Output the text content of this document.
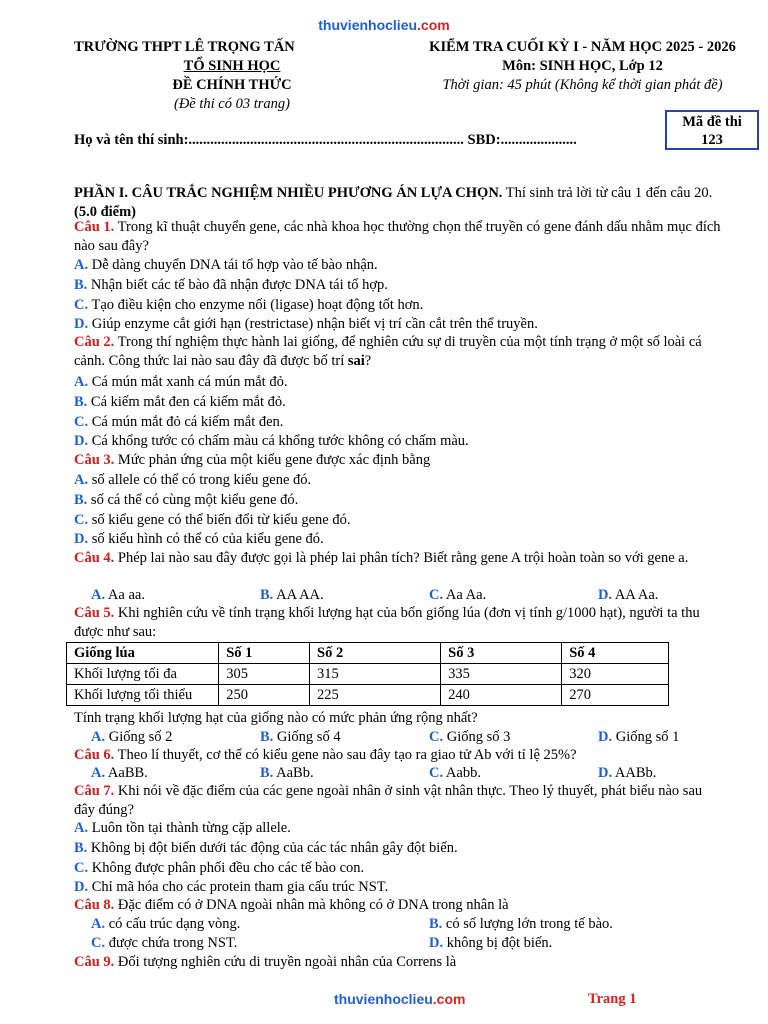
thuvienhoclieu.com
TRƯỜNG THPT LÊ TRỌNG TẤN
TỔ SINH HỌC
ĐỀ CHÍNH THỨC
(Đề thi có 03 trang)
KIỂM TRA CUỐI KỲ I - NĂM HỌC 2025 - 2026
Môn: SINH HỌC, Lớp 12
Thời gian: 45 phút (Không kể thời gian phát đề)
Mã đề thi
123
Họ và tên thí sinh:............................................................................ SBD:.....................
PHẦN I. CÂU TRẮC NGHIỆM NHIỀU PHƯƠNG ÁN LỰA CHỌN. Thí sinh trả lời từ câu 1 đến câu 20. (5.0 điểm)
Câu 1. Trong kĩ thuật chuyển gene, các nhà khoa học thường chọn thể truyền có gene đánh dấu nhằm mục đích nào sau đây?
A. Dễ dàng chuyển DNA tái tổ hợp vào tế bào nhận.
B. Nhận biết các tế bào đã nhận được DNA tái tổ hợp.
C. Tạo điều kiện cho enzyme nối (ligase) hoạt động tốt hơn.
D. Giúp enzyme cắt giới hạn (restrictase) nhận biết vị trí cần cắt trên thể truyền.
Câu 2. Trong thí nghiệm thực hành lai giống, để nghiên cứu sự di truyền của một tính trạng ở một số loài cá cảnh. Công thức lai nào sau đây đã được bố trí sai?
A. Cá mún mắt xanh cá mún mắt đỏ.
B. Cá kiếm mắt đen cá kiếm mắt đỏ.
C. Cá mún mắt đỏ cá kiếm mắt đen.
D. Cá khổng tước có chấm màu cá khổng tước không có chấm màu.
Câu 3. Mức phản ứng của một kiểu gene được xác định bằng
A. số allele có thể có trong kiểu gene đó.
B. số cá thể có cùng một kiểu gene đó.
C. số kiểu gene có thể biến đổi từ kiểu gene đó.
D. số kiểu hình có thể có của kiểu gene đó.
Câu 4. Phép lai nào sau đây được gọi là phép lai phân tích? Biết rằng gene A trội hoàn toàn so với gene a.
A. Aa aa.	B. AA AA.	C. Aa Aa.	D. AA Aa.
Câu 5. Khi nghiên cứu về tính trạng khối lượng hạt của bốn giống lúa (đơn vị tính g/1000 hạt), người ta thu được như sau:
Tính trạng khối lượng hạt của giống nào có mức phản ứng rộng nhất?
A. Giống số 2	B. Giống số 4	C. Giống số 3	D. Giống số 1
Câu 6. Theo lí thuyết, cơ thể có kiểu gene nào sau đây tạo ra giao tử Ab với tỉ lệ 25%?
A. AaBB.	B. AaBb.	C. Aabb.	D. AABb.
Câu 7. Khi nói về đặc điểm của các gene ngoài nhân ở sinh vật nhân thực. Theo lý thuyết, phát biểu nào sau đây đúng?
A. Luôn tồn tại thành từng cặp allele.
B. Không bị đột biến dưới tác động của các tác nhân gây đột biến.
C. Không được phân phối đều cho các tế bào con.
D. Chỉ mã hóa cho các protein tham gia cấu trúc NST.
Câu 8. Đặc điểm có ở DNA ngoài nhân mà không có ở DNA trong nhân là
A. có cấu trúc dạng vòng.	B. có số lượng lớn trong tế bào.
C. được chứa trong NST.	D. không bị đột biến.
Câu 9. Đối tượng nghiên cứu di truyền ngoài nhân của Correns là
Giống lúa	Số 1	Số 2	Số 3	Số 4
Khối lượng tối đa	305	315	335	320
Khối lượng tối thiểu	250	225	240	270
thuvienhoclieu.com	Trang 1
